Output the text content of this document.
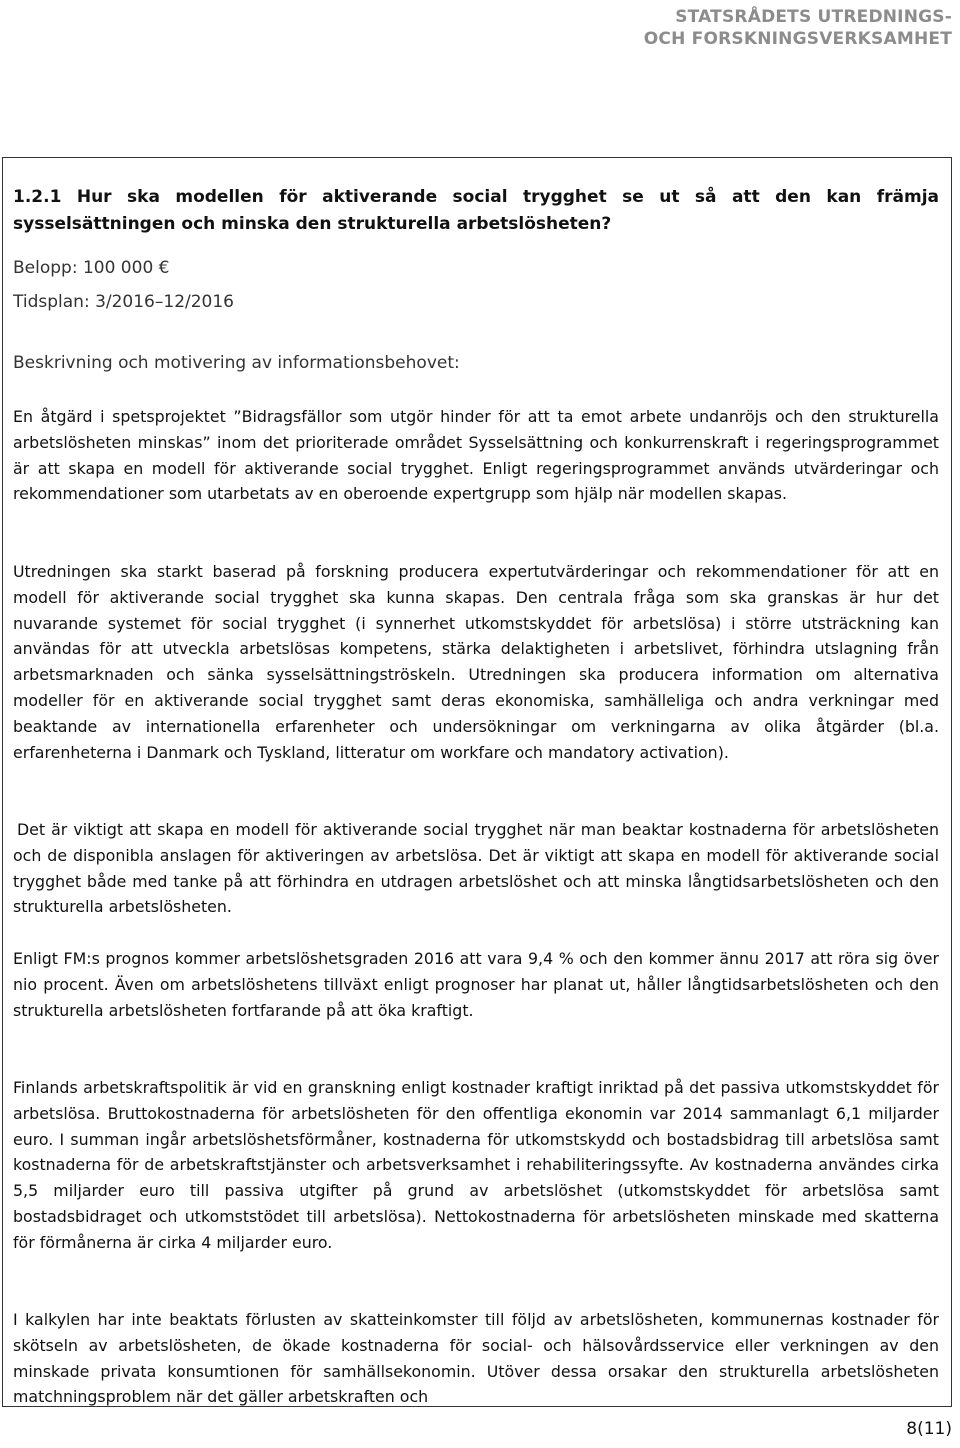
STATSRÅDETS UTREDNINGS-
OCH FORSKNINGSVERKSAMHET
1.2.1 Hur ska modellen för aktiverande social trygghet se ut så att den kan främja sysselsättningen och minska den strukturella arbetslösheten?

Belopp: 100 000 €

Tidsplan: 3/2016–12/2016

Beskrivning och motivering av informationsbehovet:

En åtgärd i spetsprojektet ”Bidragsfällor som utgör hinder för att ta emot arbete undanröjs och den strukturella arbetslösheten minskas” inom det prioriterade området Sysselsättning och konkurrenskraft i regeringsprogrammet är att skapa en modell för aktiverande social trygghet. Enligt regeringsprogrammet används utvärderingar och rekommendationer som utarbetats av en oberoende expertgrupp som hjälp när modellen skapas.

Utredningen ska starkt baserad på forskning producera expertutvärderingar och rekommendationer för att en modell för aktiverande social trygghet ska kunna skapas. Den centrala fråga som ska granskas är hur det nuvarande systemet för social trygghet (i synnerhet utkomstskyddet för arbetslösa) i större utsträckning kan användas för att utveckla arbetslösas kompetens, stärka delaktigheten i arbetslivet, förhindra utslagning från arbetsmarknaden och sänka sysselsättningströskeln. Utredningen ska producera information om alternativa modeller för en aktiverande social trygghet samt deras ekonomiska, samhälleliga och andra verkningar med beaktande av internationella erfarenheter och undersökningar om verkningarna av olika åtgärder (bl.a. erfarenheterna i Danmark och Tyskland, litteratur om workfare och mandatory activation).

Det är viktigt att skapa en modell för aktiverande social trygghet när man beaktar kostnaderna för arbetslösheten och de disponibla anslagen för aktiveringen av arbetslösa. Det är viktigt att skapa en modell för aktiverande social trygghet både med tanke på att förhindra en utdragen arbetslöshet och att minska långtidsarbetslösheten och den strukturella arbetslösheten.

Enligt FM:s prognos kommer arbetslöshetsgraden 2016 att vara 9,4 % och den kommer ännu 2017 att röra sig över nio procent. Även om arbetslöshetens tillväxt enligt prognoser har planat ut, håller långtidsarbetslösheten och den strukturella arbetslösheten fortfarande på att öka kraftigt.

Finlands arbetskraftspolitik är vid en granskning enligt kostnader kraftigt inriktad på det passiva utkomstskyddet för arbetslösa. Bruttokostnaderna för arbetslösheten för den offentliga ekonomin var 2014 sammanlagt 6,1 miljarder euro. I summan ingår arbetslöshetsförmåner, kostnaderna för utkomstskydd och bostadsbidrag till arbetslösa samt kostnaderna för de arbetskraftstjänster och arbetsverksamhet i rehabiliteringssyfte. Av kostnaderna användes cirka 5,5 miljarder euro till passiva utgifter på grund av arbetslöshet (utkomstskyddet för arbetslösa samt bostadsbidraget och utkomststödet till arbetslösa). Nettokostnaderna för arbetslösheten minskade med skatterna för förmånerna är cirka 4 miljarder euro.

I kalkylen har inte beaktats förlusten av skatteinkomster till följd av arbetslösheten, kommunernas kostnader för skötseln av arbetslösheten, de ökade kostnaderna för social- och hälsovårdsservice eller verkningen av den minskade privata konsumtionen för samhällsekonomin. Utöver dessa orsakar den strukturella arbetslösheten matchningsproblem när det gäller arbetskraften och

8(11)
